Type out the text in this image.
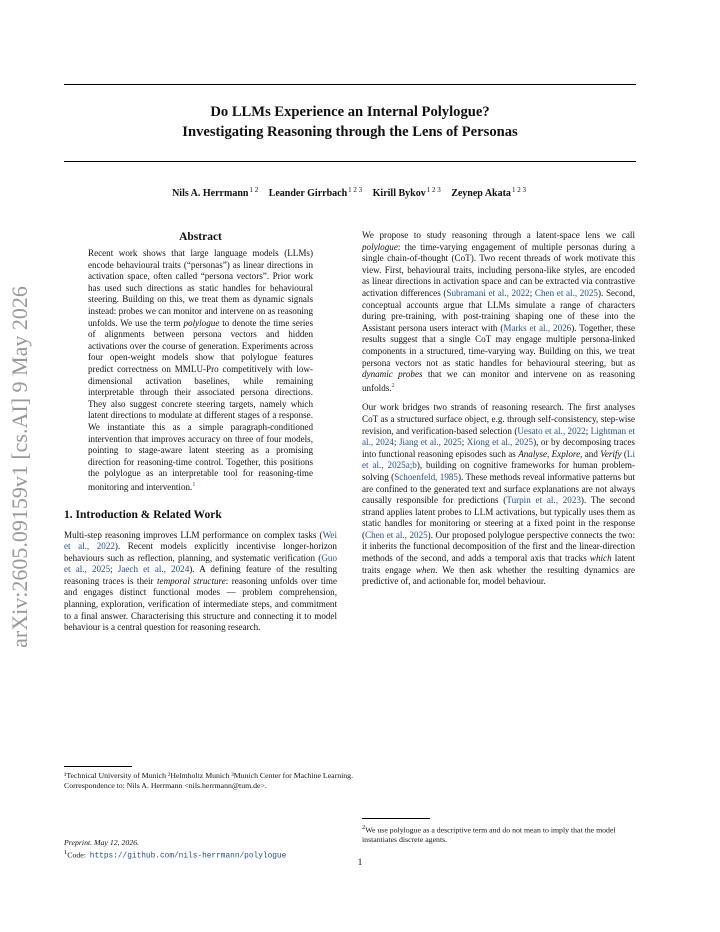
arXiv:2605.09159v1 [cs.AI] 9 May 2026
Do LLMs Experience an Internal Polylogue?
Investigating Reasoning through the Lens of Personas
Nils A. Herrmann$^{1 2}$ Leander Girrbach$^{1 2 3}$ Kirill Bykov$^{1 2 3}$ Zeynep Akata$^{1 2 3}$
Abstract

Recent work shows that large language models (LLMs) encode behavioural traits (“personas”) as linear directions in activation space, often called “persona vectors”. Prior work has used such directions as static handles for behavioural steering. Building on this, we treat them as dynamic signals instead: probes we can monitor and intervene on as reasoning unfolds. We use the term polylogue to denote the time series of alignments between persona vectors and hidden activations over the course of generation. Experiments across four open-weight models show that polylogue features predict correctness on MMLU-Pro competitively with low-dimensional activation baselines, while remaining interpretable through their associated persona directions. They also suggest concrete steering targets, namely which latent directions to modulate at different stages of a response. We instantiate this as a simple paragraph-conditioned intervention that improves accuracy on three of four models, pointing to stage-aware latent steering as a promising direction for reasoning-time control. Together, this positions the polylogue as an interpretable tool for reasoning-time monitoring and intervention.$^1$

1. Introduction & Related Work

Multi-step reasoning improves LLM performance on complex tasks (Wei et al., 2022). Recent models explicitly incentivise longer-horizon behaviours such as reflection, planning, and systematic verification (Guo et al., 2025; Jaech et al., 2024). A defining feature of the resulting reasoning traces is their temporal structure: reasoning unfolds over time and engages distinct functional modes — problem comprehension, planning, exploration, verification of intermediate steps, and commitment to a final answer. Characterising this structure and connecting it to model behaviour is a central question for reasoning research.

We propose to study reasoning through a latent-space lens we call polylogue: the time-varying engagement of multiple personas during a single chain-of-thought (CoT). Two recent threads of work motivate this view. First, behavioural traits, including persona-like styles, are encoded as linear directions in activation space and can be extracted via contrastive activation differences (Subramani et al., 2022; Chen et al., 2025). Second, conceptual accounts argue that LLMs simulate a range of characters during pre-training, with post-training shaping one of these into the Assistant persona users interact with (Marks et al., 2026). Together, these results suggest that a single CoT may engage multiple persona-linked components in a structured, time-varying way. Building on this, we treat persona vectors not as static handles for behavioural steering, but as dynamic probes that we can monitor and intervene on as reasoning unfolds.$^2$

Our work bridges two strands of reasoning research. The first analyses CoT as a structured surface object, e.g. through self-consistency, step-wise revision, and verification-based selection (Uesato et al., 2022; Lightman et al., 2024; Jiang et al., 2025; Xiong et al., 2025), or by decomposing traces into functional reasoning episodes such as Analyse, Explore, and Verify (Li et al., 2025a;b), building on cognitive frameworks for human problem-solving (Schoenfeld, 1985). These methods reveal informative patterns but are confined to the generated text and surface explanations are not always causally responsible for predictions (Turpin et al., 2023). The second strand applies latent probes to LLM activations, but typically uses them as static handles for monitoring or steering at a fixed point in the response (Chen et al., 2025). Our proposed polylogue perspective connects the two: it inherits the functional decomposition of the first and the linear-direction methods of the second, and adds a temporal axis that tracks which latent traits engage when. We then ask whether the resulting dynamics are predictive of, and actionable for, model behaviour.

¹Technical University of Munich ²Helmholtz Munich ³Munich Center for Machine Learning. Correspondence to: Nils A. Herrmann <nils.herrmann@tum.de>.
Preprint. May 12, 2026.
$^1$Code: https://github.com/nils-herrmann/polylogue
$^2$We use polylogue as a descriptive term and do not mean to imply that the model instantiates discrete agents.
1
